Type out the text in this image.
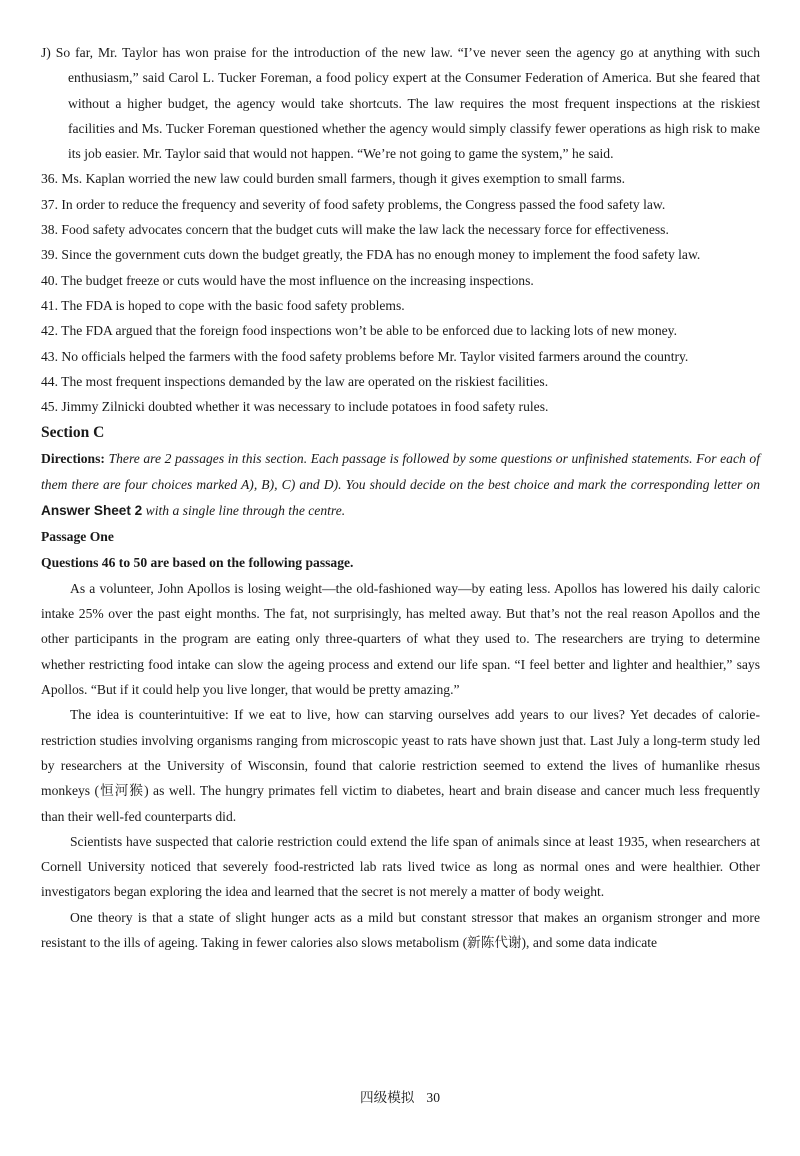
J) So far, Mr. Taylor has won praise for the introduction of the new law. “I’ve never seen the agency go at anything with such enthusiasm,” said Carol L. Tucker Foreman, a food policy expert at the Consumer Federation of America. But she feared that without a higher budget, the agency would take shortcuts. The law requires the most frequent inspections at the riskiest facilities and Ms. Tucker Foreman questioned whether the agency would simply classify fewer operations as high risk to make its job easier. Mr. Taylor said that would not happen. “We’re not going to game the system,” he said.

36. Ms. Kaplan worried the new law could burden small farmers, though it gives exemption to small farms.

37. In order to reduce the frequency and severity of food safety problems, the Congress passed the food safety law.

38. Food safety advocates concern that the budget cuts will make the law lack the necessary force for effectiveness.

39. Since the government cuts down the budget greatly, the FDA has no enough money to implement the food safety law.

40. The budget freeze or cuts would have the most influence on the increasing inspections.

41. The FDA is hoped to cope with the basic food safety problems.

42. The FDA argued that the foreign food inspections won’t be able to be enforced due to lacking lots of new money.

43. No officials helped the farmers with the food safety problems before Mr. Taylor visited farmers around the country.

44. The most frequent inspections demanded by the law are operated on the riskiest facilities.

45. Jimmy Zilnicki doubted whether it was necessary to include potatoes in food safety rules.

Section C

Directions: There are 2 passages in this section. Each passage is followed by some questions or unfinished statements. For each of them there are four choices marked A), B), C) and D). You should decide on the best choice and mark the corresponding letter on Answer Sheet 2 with a single line through the centre.

Passage One

Questions 46 to 50 are based on the following passage.

As a volunteer, John Apollos is losing weight—the old-fashioned way—by eating less. Apollos has lowered his daily caloric intake 25% over the past eight months. The fat, not surprisingly, has melted away. But that’s not the real reason Apollos and the other participants in the program are eating only three-quarters of what they used to. The researchers are trying to determine whether restricting food intake can slow the ageing process and extend our life span. “I feel better and lighter and healthier,” says Apollos. “But if it could help you live longer, that would be pretty amazing.”

The idea is counterintuitive: If we eat to live, how can starving ourselves add years to our lives? Yet decades of calorie-restriction studies involving organisms ranging from microscopic yeast to rats have shown just that. Last July a long-term study led by researchers at the University of Wisconsin, found that calorie restriction seemed to extend the lives of humanlike rhesus monkeys (恒河猴) as well. The hungry primates fell victim to diabetes, heart and brain disease and cancer much less frequently than their well-fed counterparts did.

Scientists have suspected that calorie restriction could extend the life span of animals since at least 1935, when researchers at Cornell University noticed that severely food-restricted lab rats lived twice as long as normal ones and were healthier. Other investigators began exploring the idea and learned that the secret is not merely a matter of body weight.

One theory is that a state of slight hunger acts as a mild but constant stressor that makes an organism stronger and more resistant to the ills of ageing. Taking in fewer calories also slows metabolism (新陈代谢), and some data indicate

四级模拟 30
